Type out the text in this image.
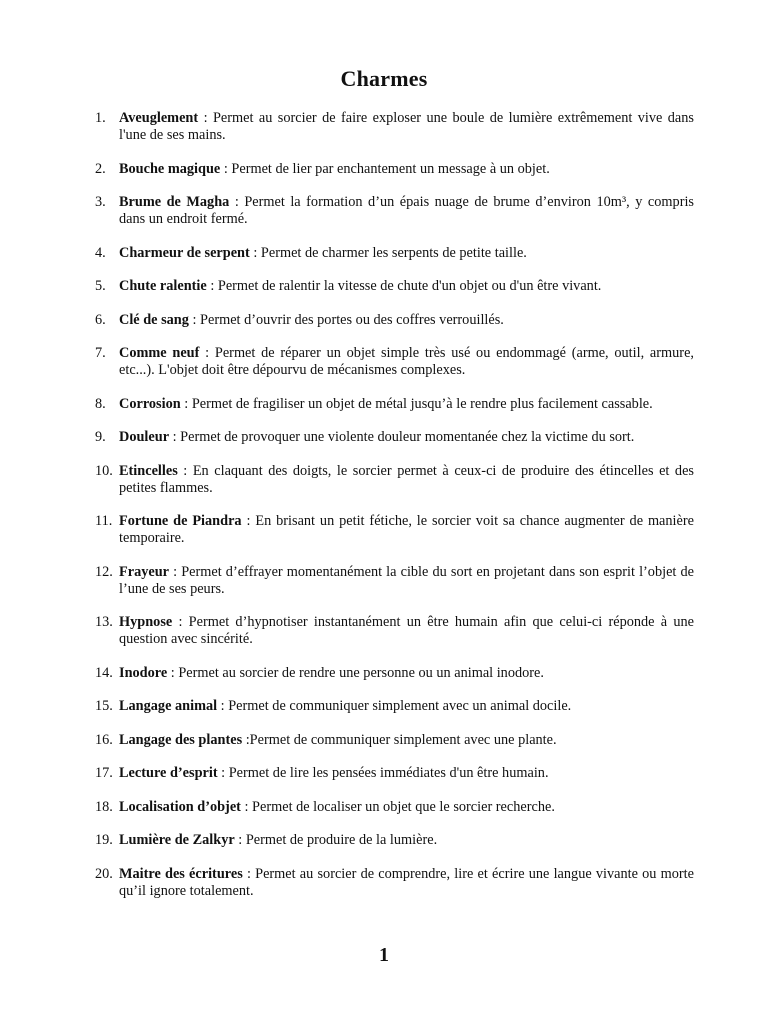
Charmes
1. Aveuglement : Permet au sorcier de faire exploser une boule de lumière extrêmement vive dans l'une de ses mains.
2. Bouche magique : Permet de lier par enchantement un message à un objet.
3. Brume de Magha : Permet la formation d’un épais nuage de brume d’environ 10m³, y compris dans un endroit fermé.
4. Charmeur de serpent : Permet de charmer les serpents de petite taille.
5. Chute ralentie : Permet de ralentir la vitesse de chute d'un objet ou d'un être vivant.
6. Clé de sang : Permet d’ouvrir des portes ou des coffres verrouillés.
7. Comme neuf : Permet de réparer un objet simple très usé ou endommagé (arme, outil, armure, etc...). L'objet doit être dépourvu de mécanismes complexes.
8. Corrosion : Permet de fragiliser un objet de métal jusqu’à le rendre plus facilement cassable.
9. Douleur : Permet de provoquer une violente douleur momentanée chez la victime du sort.
10. Etincelles : En claquant des doigts, le sorcier permet à ceux-ci de produire des étincelles et des petites flammes.
11. Fortune de Piandra : En brisant un petit fétiche, le sorcier voit sa chance augmenter de manière temporaire.
12. Frayeur : Permet d’effrayer momentanément la cible du sort en projetant dans son esprit l’objet de l’une de ses peurs.
13. Hypnose : Permet d’hypnotiser instantanément un être humain afin que celui-ci réponde à une question avec sincérité.
14. Inodore : Permet au sorcier de rendre une personne ou un animal inodore.
15. Langage animal : Permet de communiquer simplement avec un animal docile.
16. Langage des plantes :Permet de communiquer simplement avec une plante.
17. Lecture d’esprit : Permet de lire les pensées immédiates d'un être humain.
18. Localisation d’objet : Permet de localiser un objet que le sorcier recherche.
19. Lumière de Zalkyr : Permet de produire de la lumière.
20. Maitre des écritures : Permet au sorcier de comprendre, lire et écrire une langue vivante ou morte qu’il ignore totalement.
1
